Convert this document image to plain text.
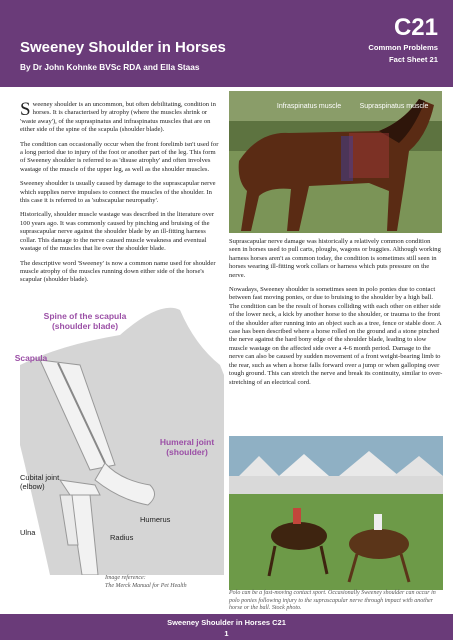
Sweeney Shoulder in Horses
By Dr John Kohnke BVSc RDA and Ella Staas
C21
Common Problems
Fact Sheet 21

Sweeney shoulder is an uncommon, but often debilitating, condition in horses. It is characterised by atrophy (where the muscles shrink or 'waste away'), of the supraspinatus and infraspinatus muscles that are on either side of the spine of the scapula (shoulder blade).

The condition can occasionally occur when the front forelimb isn't used for a long period due to injury of the foot or another part of the leg. This form of Sweeney shoulder is referred to as 'disuse atrophy' and often involves wastage of the muscle of the upper leg, as well as the shoulder muscles.

Sweeney shoulder is usually caused by damage to the suprascapular nerve which supplies nerve impulses to connect the muscles of the shoulder. In this case it is referred to as 'subscapular neuropathy'.

Historically, shoulder muscle wastage was described in the literature over 100 years ago. It was commonly caused by pinching and bruising of the suprascapular nerve against the shoulder blade by an ill-fitting harness collar. This damage to the nerve caused muscle weakness and eventual wastage of the muscles that lie over the shoulder blade.

The descriptive word 'Sweeney' is now a common name used for shoulder muscle atrophy of the muscles running down either side of the horse's scapular (shoulder blade).

Infraspinatus muscle	Supraspinatus muscle

Suprascapular nerve damage was historically a relatively common condition seen in horses used to pull carts, ploughs, wagons or buggies. Although working harness horses aren't as common today, the condition is sometimes still seen in horses wearing ill-fitting work collars or harness which puts pressure on the nerve.

Nowadays, Sweeney shoulder is sometimes seen in polo ponies due to contact between fast moving ponies, or due to bruising to the shoulder by a high ball. The condition can be the result of horses colliding with each other on either side of the lower neck, a kick by another horse to the shoulder, or trauma to the front of the shoulder after running into an object such as a tree, fence or stable door. A case has been described where a horse rolled on the ground and a stone pinched the nerve against the hard bony edge of the shoulder blade, leading to slow muscle wastage on the affected side over a 4-6 month period. Damage to the nerve can also be caused by sudden movement of a front weight-bearing limb to the rear, such as when a horse falls forward over a jump or when galloping over tough ground. This can stretch the nerve and break its continuity, similar to over-stretching of an electrical cord.

Spine of the scapula (shoulder blade)
Scapula
Humeral joint (shoulder)
Cubital joint (elbow)
Humerus
Ulna
Radius
Image reference:
The Merck Manual for Pet Health
Polo can be a fast-moving contact sport. Occasionally Sweeney shoulder can occur in polo ponies following injury to the suprascapular nerve through impact with another horse or the ball. Stock photo.
Sweeney Shoulder in Horses C21
1
